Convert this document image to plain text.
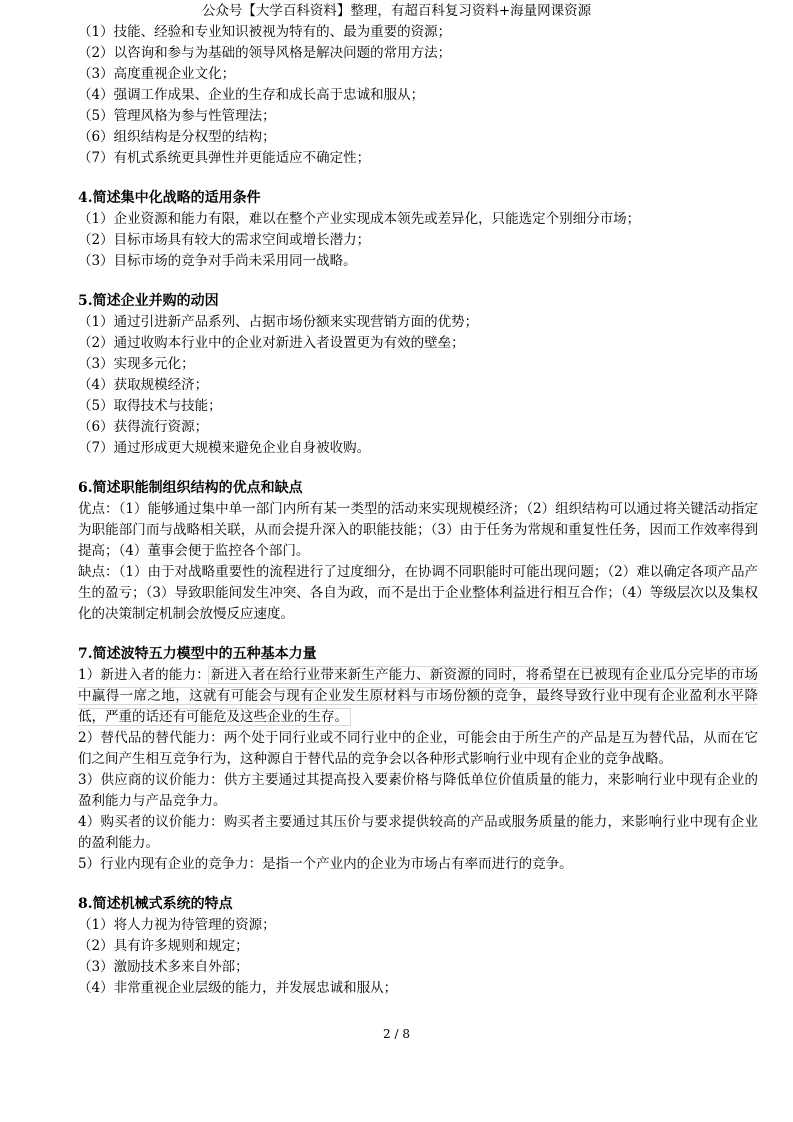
公众号【大学百科资料】整理，有超百科复习资料+海量网课资源
（1）技能、经验和专业知识被视为特有的、最为重要的资源；
（2）以咨询和参与为基础的领导风格是解决问题的常用方法；
（3）高度重视企业文化；
（4）强调工作成果、企业的生存和成长高于忠诚和服从；
（5）管理风格为参与性管理法；
（6）组织结构是分权型的结构；
（7）有机式系统更具弹性并更能适应不确定性；
4.简述集中化战略的适用条件
（1）企业资源和能力有限，难以在整个产业实现成本领先或差异化，只能选定个别细分市场；
（2）目标市场具有较大的需求空间或增长潜力；
（3）目标市场的竞争对手尚未采用同一战略。
5.简述企业并购的动因
（1）通过引进新产品系列、占据市场份额来实现营销方面的优势；
（2）通过收购本行业中的企业对新进入者设置更为有效的壁垒；
（3）实现多元化；
（4）获取规模经济；
（5）取得技术与技能；
（6）获得流行资源；
（7）通过形成更大规模来避免企业自身被收购。
6.简述职能制组织结构的优点和缺点
优点：（1）能够通过集中单一部门内所有某一类型的活动来实现规模经济；（2）组织结构可以通过将关键活动指定为职能部门而与战略相关联，从而会提升深入的职能技能；（3）由于任务为常规和重复性任务，因而工作效率得到提高；（4）董事会便于监控各个部门。
缺点：（1）由于对战略重要性的流程进行了过度细分，在协调不同职能时可能出现问题；（2）难以确定各项产品产生的盈亏；（3）导致职能间发生冲突、各自为政，而不是出于企业整体利益进行相互合作；（4）等级层次以及集权化的决策制定机制会放慢反应速度。
7.简述波特五力模型中的五种基本力量
1）新进入者的能力：新进入者在给行业带来新生产能力、新资源的同时，将希望在已被现有企业瓜分完毕的市场中赢得一席之地，这就有可能会与现有企业发生原材料与市场份额的竞争，最终导致行业中现有企业盈利水平降低，严重的话还有可能危及这些企业的生存。
2）替代品的替代能力：两个处于同行业或不同行业中的企业，可能会由于所生产的产品是互为替代品，从而在它们之间产生相互竞争行为，这种源自于替代品的竞争会以各种形式影响行业中现有企业的竞争战略。
3）供应商的议价能力：供方主要通过其提高投入要素价格与降低单位价值质量的能力，来影响行业中现有企业的盈利能力与产品竞争力。
4）购买者的议价能力：购买者主要通过其压价与要求提供较高的产品或服务质量的能力，来影响行业中现有企业的盈利能力。
5）行业内现有企业的竞争力：是指一个产业内的企业为市场占有率而进行的竞争。
8.简述机械式系统的特点
（1）将人力视为待管理的资源；
（2）具有许多规则和规定；
（3）激励技术多来自外部；
（4）非常重视企业层级的能力，并发展忠诚和服从；
2 / 8
